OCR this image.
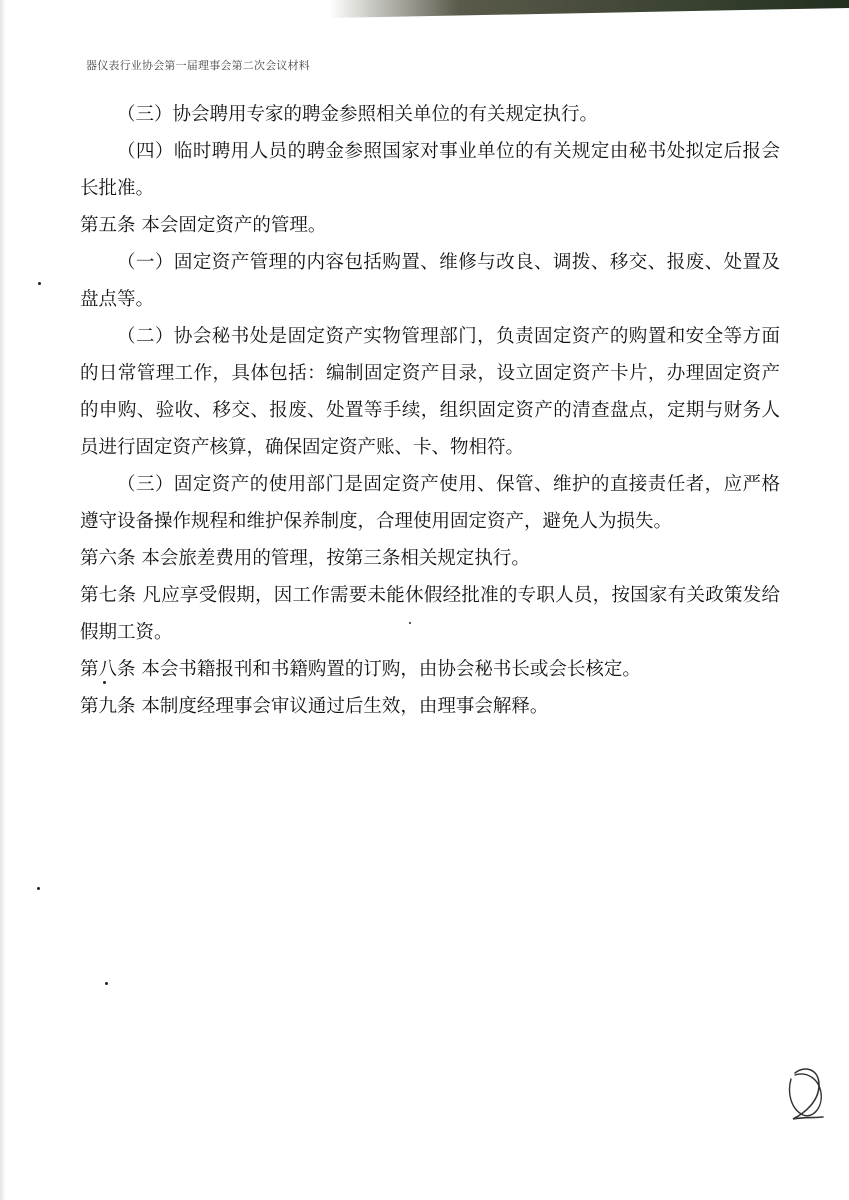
器仪表行业协会第一届理事会第二次会议材料

（三）协会聘用专家的聘金参照相关单位的有关规定执行。

（四）临时聘用人员的聘金参照国家对事业单位的有关规定由秘书处拟定后报会长批准。

第五条 本会固定资产的管理。

（一）固定资产管理的内容包括购置、维修与改良、调拨、移交、报废、处置及盘点等。

（二）协会秘书处是固定资产实物管理部门，负责固定资产的购置和安全等方面的日常管理工作，具体包括：编制固定资产目录，设立固定资产卡片，办理固定资产的申购、验收、移交、报废、处置等手续，组织固定资产的清查盘点，定期与财务人员进行固定资产核算，确保固定资产账、卡、物相符。

（三）固定资产的使用部门是固定资产使用、保管、维护的直接责任者，应严格遵守设备操作规程和维护保养制度，合理使用固定资产，避免人为损失。

第六条 本会旅差费用的管理，按第三条相关规定执行。

第七条 凡应享受假期，因工作需要未能休假经批准的专职人员，按国家有关政策发给假期工资。

第八条 本会书籍报刊和书籍购置的订购，由协会秘书长或会长核定。

第九条 本制度经理事会审议通过后生效，由理事会解释。
